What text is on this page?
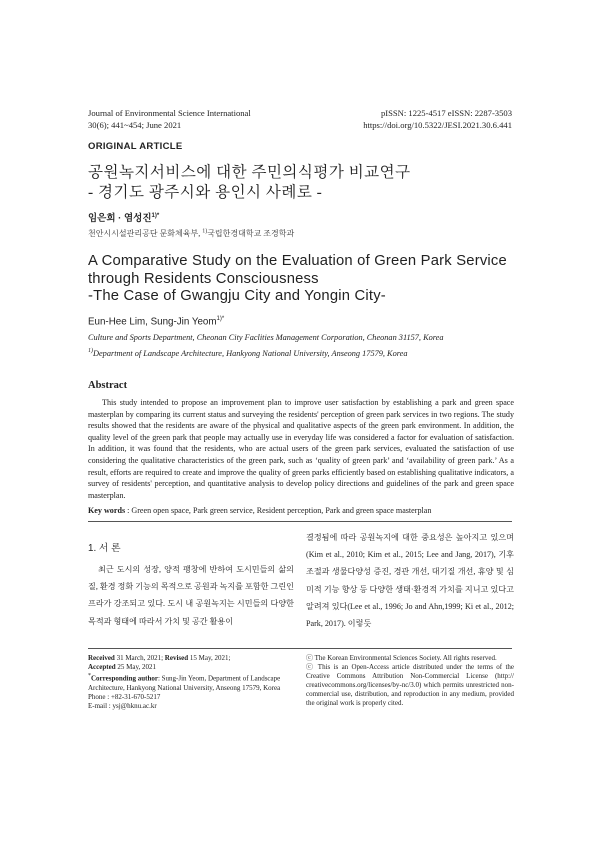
Journal of Environmental Science International
30(6); 441~454; June 2021
pISSN: 1225-4517 eISSN: 2287-3503
https://doi.org/10.5322/JESI.2021.30.6.441
ORIGINAL ARTICLE
공원녹지서비스에 대한 주민의식평가 비교연구
- 경기도 광주시와 용인시 사례로 -
임은희 · 염성진$^{1)*}$
천안시시설관리공단 문화체육부, $^{1)}$국립한경대학교 조경학과
A Comparative Study on the Evaluation of Green Park Service
through Residents Consciousness
-The Case of Gwangju City and Yongin City-
Eun-Hee Lim, Sung-Jin Yeom$^{1)*}$
Culture and Sports Department, Cheonan City Faclities Management Corporation, Cheonan 31157, Korea
$^{1)}$Department of Landscape Architecture, Hankyong National University, Anseong 17579, Korea
Abstract
This study intended to propose an improvement plan to improve user satisfaction by establishing a park and green space masterplan by comparing its current status and surveying the residents' perception of green park services in two regions. The study results showed that the residents are aware of the physical and qualitative aspects of the green park environment. In addition, the quality level of the green park that people may actually use in everyday life was considered a factor for evaluation of satisfaction. In addition, it was found that the residents, who are actual users of the green park services, evaluated the satisfaction of use considering the qualitative characteristics of the green park, such as ‘quality of green park’ and ‘availability of green park.’ As a result, efforts are required to create and improve the quality of green parks efficiently based on establishing qualitative indicators, a survey of residents' perception, and quantitative analysis to develop policy directions and guidelines of the park and green space masterplan.
Key words : Green open space, Park green service, Resident perception, Park and green space masterplan
1. 서 론
최근 도시의 성장, 양적 팽창에 반하여 도시민들의 삶의 질, 환경 정화 기능의 목적으로 공원과 녹지를 포함한 그린인프라가 강조되고 있다. 도시 내 공원녹지는 시민들의 다양한 목적과 형태에 따라서 가치 및 공간 활용이
결정됨에 따라 공원녹지에 대한 중요성은 높아지고 있으며(Kim et al., 2010; Kim et al., 2015; Lee and Jang, 2017), 기후조절과 생물다양성 증진, 경관 개선, 대기질 개선, 휴양 및 심미적 기능 향상 등 다양한 생태·환경적 가치를 지니고 있다고 알려져 있다(Lee et al., 1996; Jo and Ahn,1999; Ki et al., 2012; Park, 2017). 이렇듯
Received 31 March, 2021; Revised 15 May, 2021;
Accepted 25 May, 2021
*Corresponding author: Sung-Jin Yeom, Department of Landscape Architecture, Hankyong National University, Anseong 17579, Korea
Phone : +82-31-670-5217
E-mail : ysj@hknu.ac.kr
ⓒ The Korean Environmental Sciences Society. All rights reserved.
ⓒ This is an Open-Access article distributed under the terms of the Creative Commons Attribution Non-Commercial License (http:// creativecommons.org/licenses/by-nc/3.0) which permits unrestricted non-commercial use, distribution, and reproduction in any medium, provided the original work is properly cited.
